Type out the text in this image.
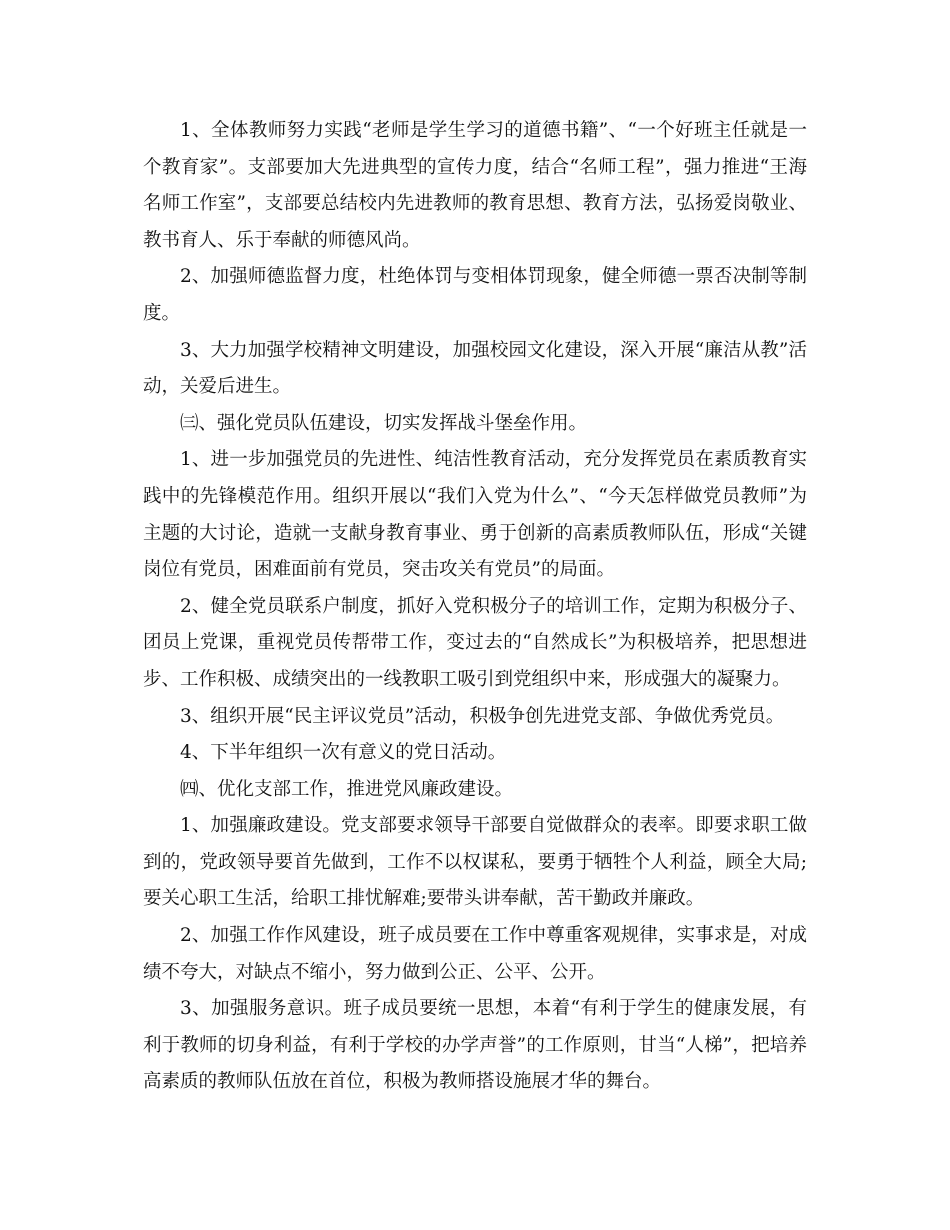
1、全体教师努力实践“老师是学生学习的道德书籍”、“一个好班主任就是一个教育家”。支部要加大先进典型的宣传力度，结合“名师工程”，强力推进“王海名师工作室”，支部要总结校内先进教师的教育思想、教育方法，弘扬爱岗敬业、教书育人、乐于奉献的师德风尚。

2、加强师德监督力度，杜绝体罚与变相体罚现象，健全师德一票否决制等制度。

3、大力加强学校精神文明建设，加强校园文化建设，深入开展“廉洁从教”活动，关爱后进生。

㈢、强化党员队伍建设，切实发挥战斗堡垒作用。

1、进一步加强党员的先进性、纯洁性教育活动，充分发挥党员在素质教育实践中的先锋模范作用。组织开展以“我们入党为什么”、“今天怎样做党员教师”为主题的大讨论，造就一支献身教育事业、勇于创新的高素质教师队伍，形成“关键岗位有党员，困难面前有党员，突击攻关有党员”的局面。

2、健全党员联系户制度，抓好入党积极分子的培训工作，定期为积极分子、团员上党课，重视党员传帮带工作，变过去的“自然成长”为积极培养，把思想进步、工作积极、成绩突出的一线教职工吸引到党组织中来，形成强大的凝聚力。

3、组织开展“民主评议党员”活动，积极争创先进党支部、争做优秀党员。

4、下半年组织一次有意义的党日活动。

㈣、优化支部工作，推进党风廉政建设。

1、加强廉政建设。党支部要求领导干部要自觉做群众的表率。即要求职工做到的，党政领导要首先做到，工作不以权谋私，要勇于牺牲个人利益，顾全大局;要关心职工生活，给职工排忧解难;要带头讲奉献，苦干勤政并廉政。

2、加强工作作风建设，班子成员要在工作中尊重客观规律，实事求是，对成绩不夸大，对缺点不缩小，努力做到公正、公平、公开。

3、加强服务意识。班子成员要统一思想，本着“有利于学生的健康发展，有利于教师的切身利益，有利于学校的办学声誉”的工作原则，甘当“人梯”，把培养高素质的教师队伍放在首位，积极为教师搭设施展才华的舞台。
